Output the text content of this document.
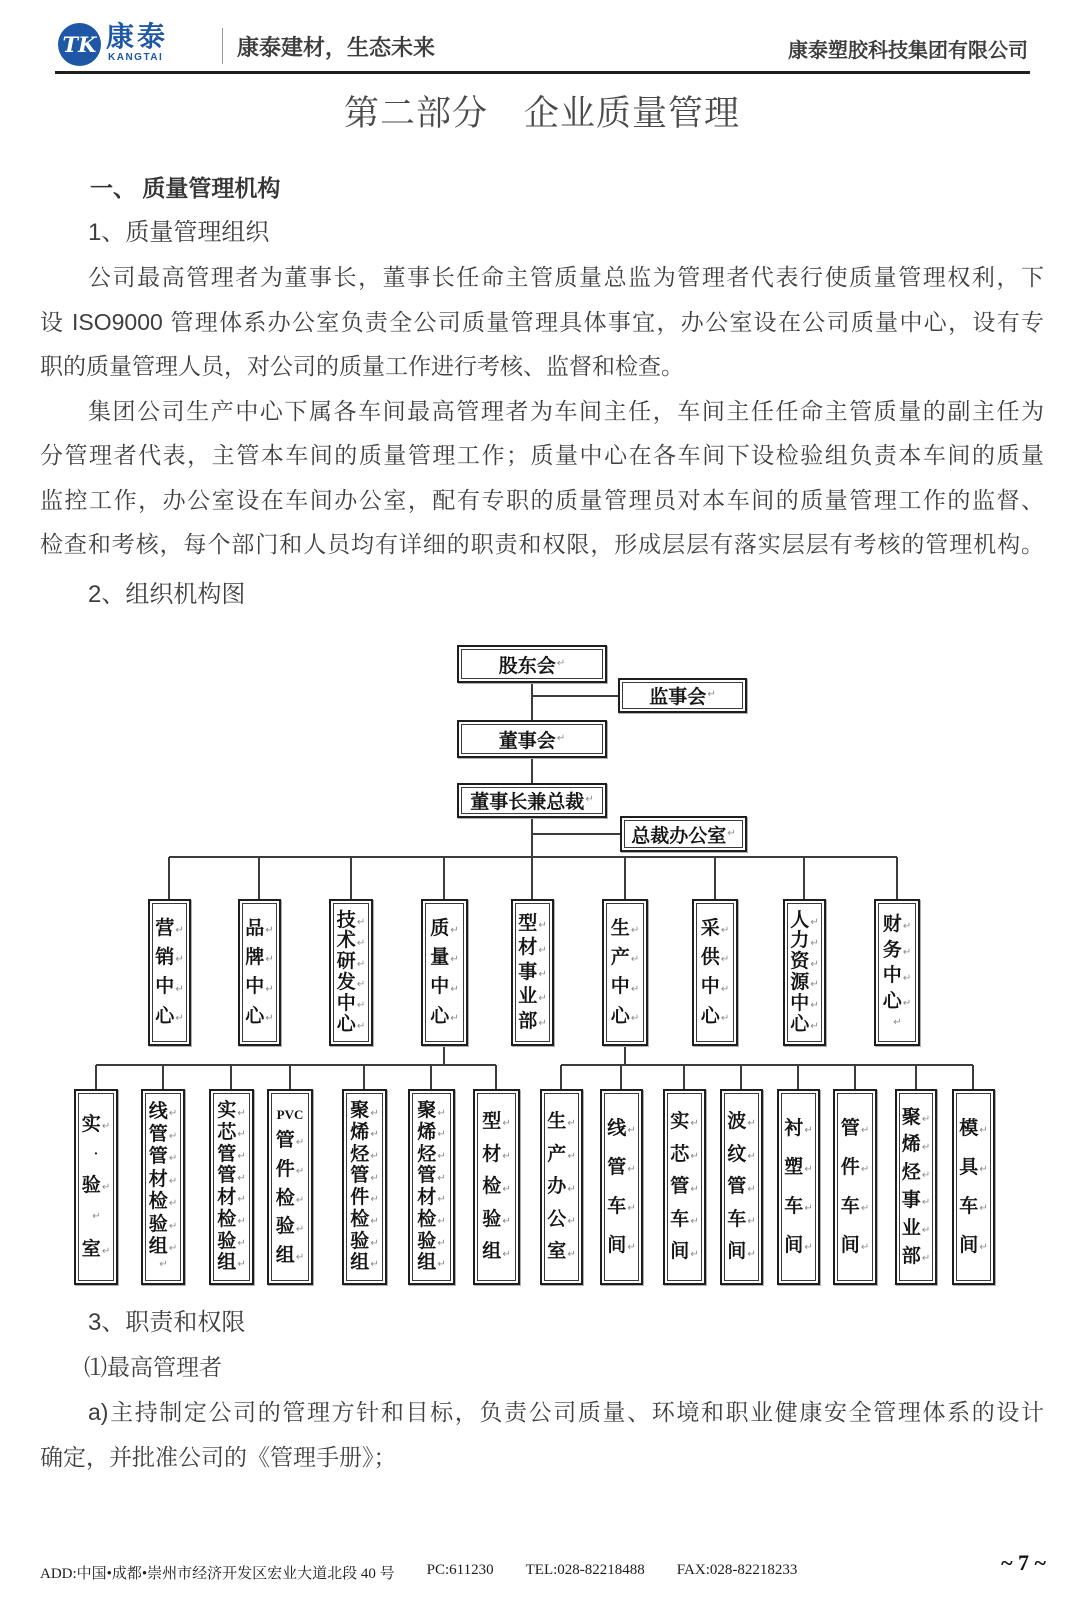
TK 康泰
KANGTAI	康泰建材，生态未来	康泰塑胶科技集团有限公司
第二部分　企业质量管理
一、 质量管理机构
1、质量管理组织
公司最高管理者为董事长，董事长任命主管质量总监为管理者代表行使质量管理权利，下
设 ISO9000 管理体系办公室负责全公司质量管理具体事宜，办公室设在公司质量中心，设有专
职的质量管理人员，对公司的质量工作进行考核、监督和检查。
集团公司生产中心下属各车间最高管理者为车间主任，车间主任任命主管质量的副主任为
分管理者代表，主管本车间的质量管理工作；质量中心在各车间下设检验组负责本车间的质量
监控工作，办公室设在车间办公室，配有专职的质量管理员对本车间的质量管理工作的监督、
检查和考核，每个部门和人员均有详细的职责和权限，形成层层有落实层层有考核的管理机构。
2、组织机构图
股东会 ↵
监事会 ↵
董事会 ↵
董事长兼总裁 ↵
总裁办公室 ↵
营 ↵
销 ↵
中 ↵
心 ↵
品 ↵
牌 ↵
中 ↵
心 ↵
技 ↵
术 ↵
研 ↵
发 ↵
中 ↵
心 ↵
质 ↵
量 ↵
中 ↵
心 ↵
型 ↵
材 ↵
事 ↵
业 ↵
部 ↵
生 ↵
产 ↵
中 ↵
心 ↵
采 ↵
供 ↵
中 ↵
心 ↵
人 ↵
力 ↵
资 ↵
源 ↵
中 ↵
心 ↵
财 ↵
务 ↵
中 ↵
心 ↵
↵
实 ↵
·
验 ↵
↵
室 ↵
线 ↵
管 ↵
管 ↵
材 ↵
检 ↵
验 ↵
组 ↵
↵
实 ↵
芯 ↵
管 ↵
管 ↵
材 ↵
检 ↵
验 ↵
组 ↵
PVC
管 ↵
件 ↵
检 ↵
验 ↵
组 ↵
聚 ↵
烯 ↵
烃 ↵
管 ↵
件 ↵
检 ↵
验 ↵
组 ↵
聚 ↵
烯 ↵
烃 ↵
管 ↵
材 ↵
检 ↵
验 ↵
组 ↵
型 ↵
材 ↵
检 ↵
验 ↵
组 ↵
生 ↵
产 ↵
办 ↵
公 ↵
室 ↵
线 ↵
管 ↵
车 ↵
间 ↵
实 ↵
芯 ↵
管 ↵
车 ↵
间 ↵
波 ↵
纹 ↵
管 ↵
车 ↵
间 ↵
衬 ↵
塑 ↵
车 ↵
间 ↵
管 ↵
件 ↵
车 ↵
间 ↵
聚 ↵
烯 ↵
烃 ↵
事 ↵
业 ↵
部 ↵
模 ↵
具 ↵
车 ↵
间 ↵
3、职责和权限
⑴最高管理者
a)主持制定公司的管理方针和目标，负责公司质量、环境和职业健康安全管理体系的设计
确定，并批准公司的《管理手册》；
ADD:中国•成都•崇州市经济开发区宏业大道北段 40 号 PC:611230 TEL:028-82218488 FAX:028-82218233	~ 7 ~
